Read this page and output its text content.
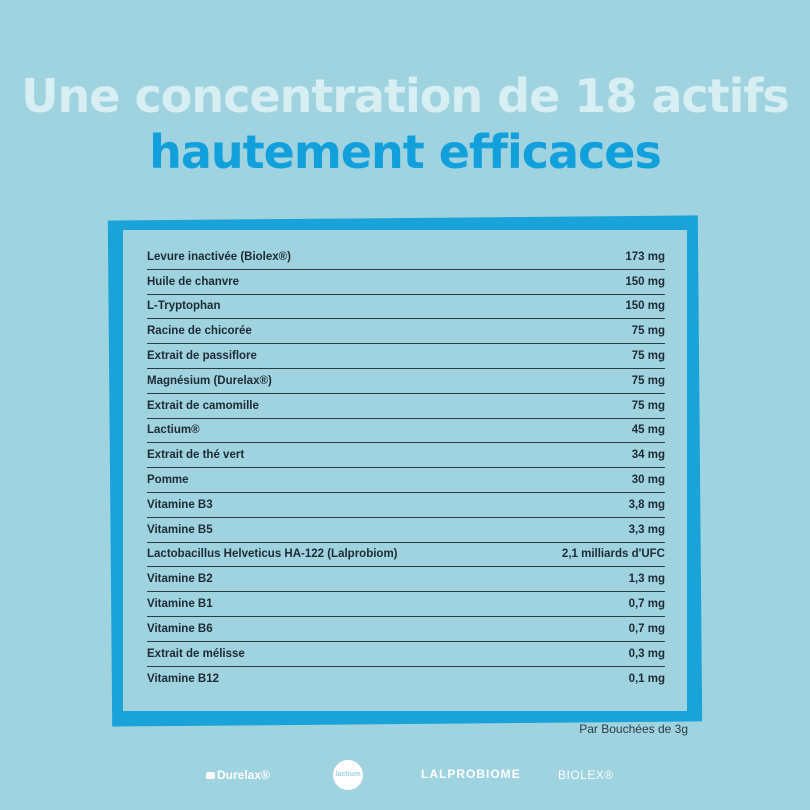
Une concentration de 18 actifs
hautement efficaces
Levure inactivée (Biolex®)	173 mg
Huile de chanvre	150 mg
L-Tryptophan	150 mg
Racine de chicorée	75 mg
Extrait de passiflore	75 mg
Magnésium (Durelax®)	75 mg
Extrait de camomille	75 mg
Lactium®	45 mg
Extrait de thé vert	34 mg
Pomme	30 mg
Vitamine B3	3,8 mg
Vitamine B5	3,3 mg
Lactobacillus Helveticus HA-122 (Lalprobiom)	2,1 milliards d'UFC
Vitamine B2	1,3 mg
Vitamine B1	0,7 mg
Vitamine B6	0,7 mg
Extrait de mélisse	0,3 mg
Vitamine B12	0,1 mg
Par Bouchées de 3g
Durelax®	lactium	LALPROBIOME	BIOLEX®
